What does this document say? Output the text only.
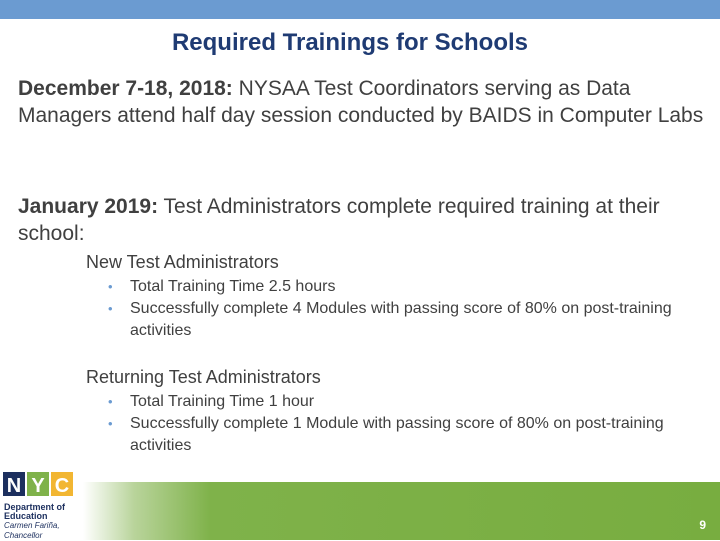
Required Trainings for Schools
December 7-18, 2018: NYSAA Test Coordinators serving as Data Managers attend half day session conducted by BAIDS in Computer Labs
January 2019: Test Administrators complete required training at their school:
New Test Administrators
• Total Training Time 2.5 hours
• Successfully complete 4 Modules with passing score of 80% on post-training activities
Returning Test Administrators
• Total Training Time 1 hour
• Successfully complete 1 Module with passing score of 80% on post-training activities
9
N Y C
Department of
Education
Carmen Fariña, Chancellor
